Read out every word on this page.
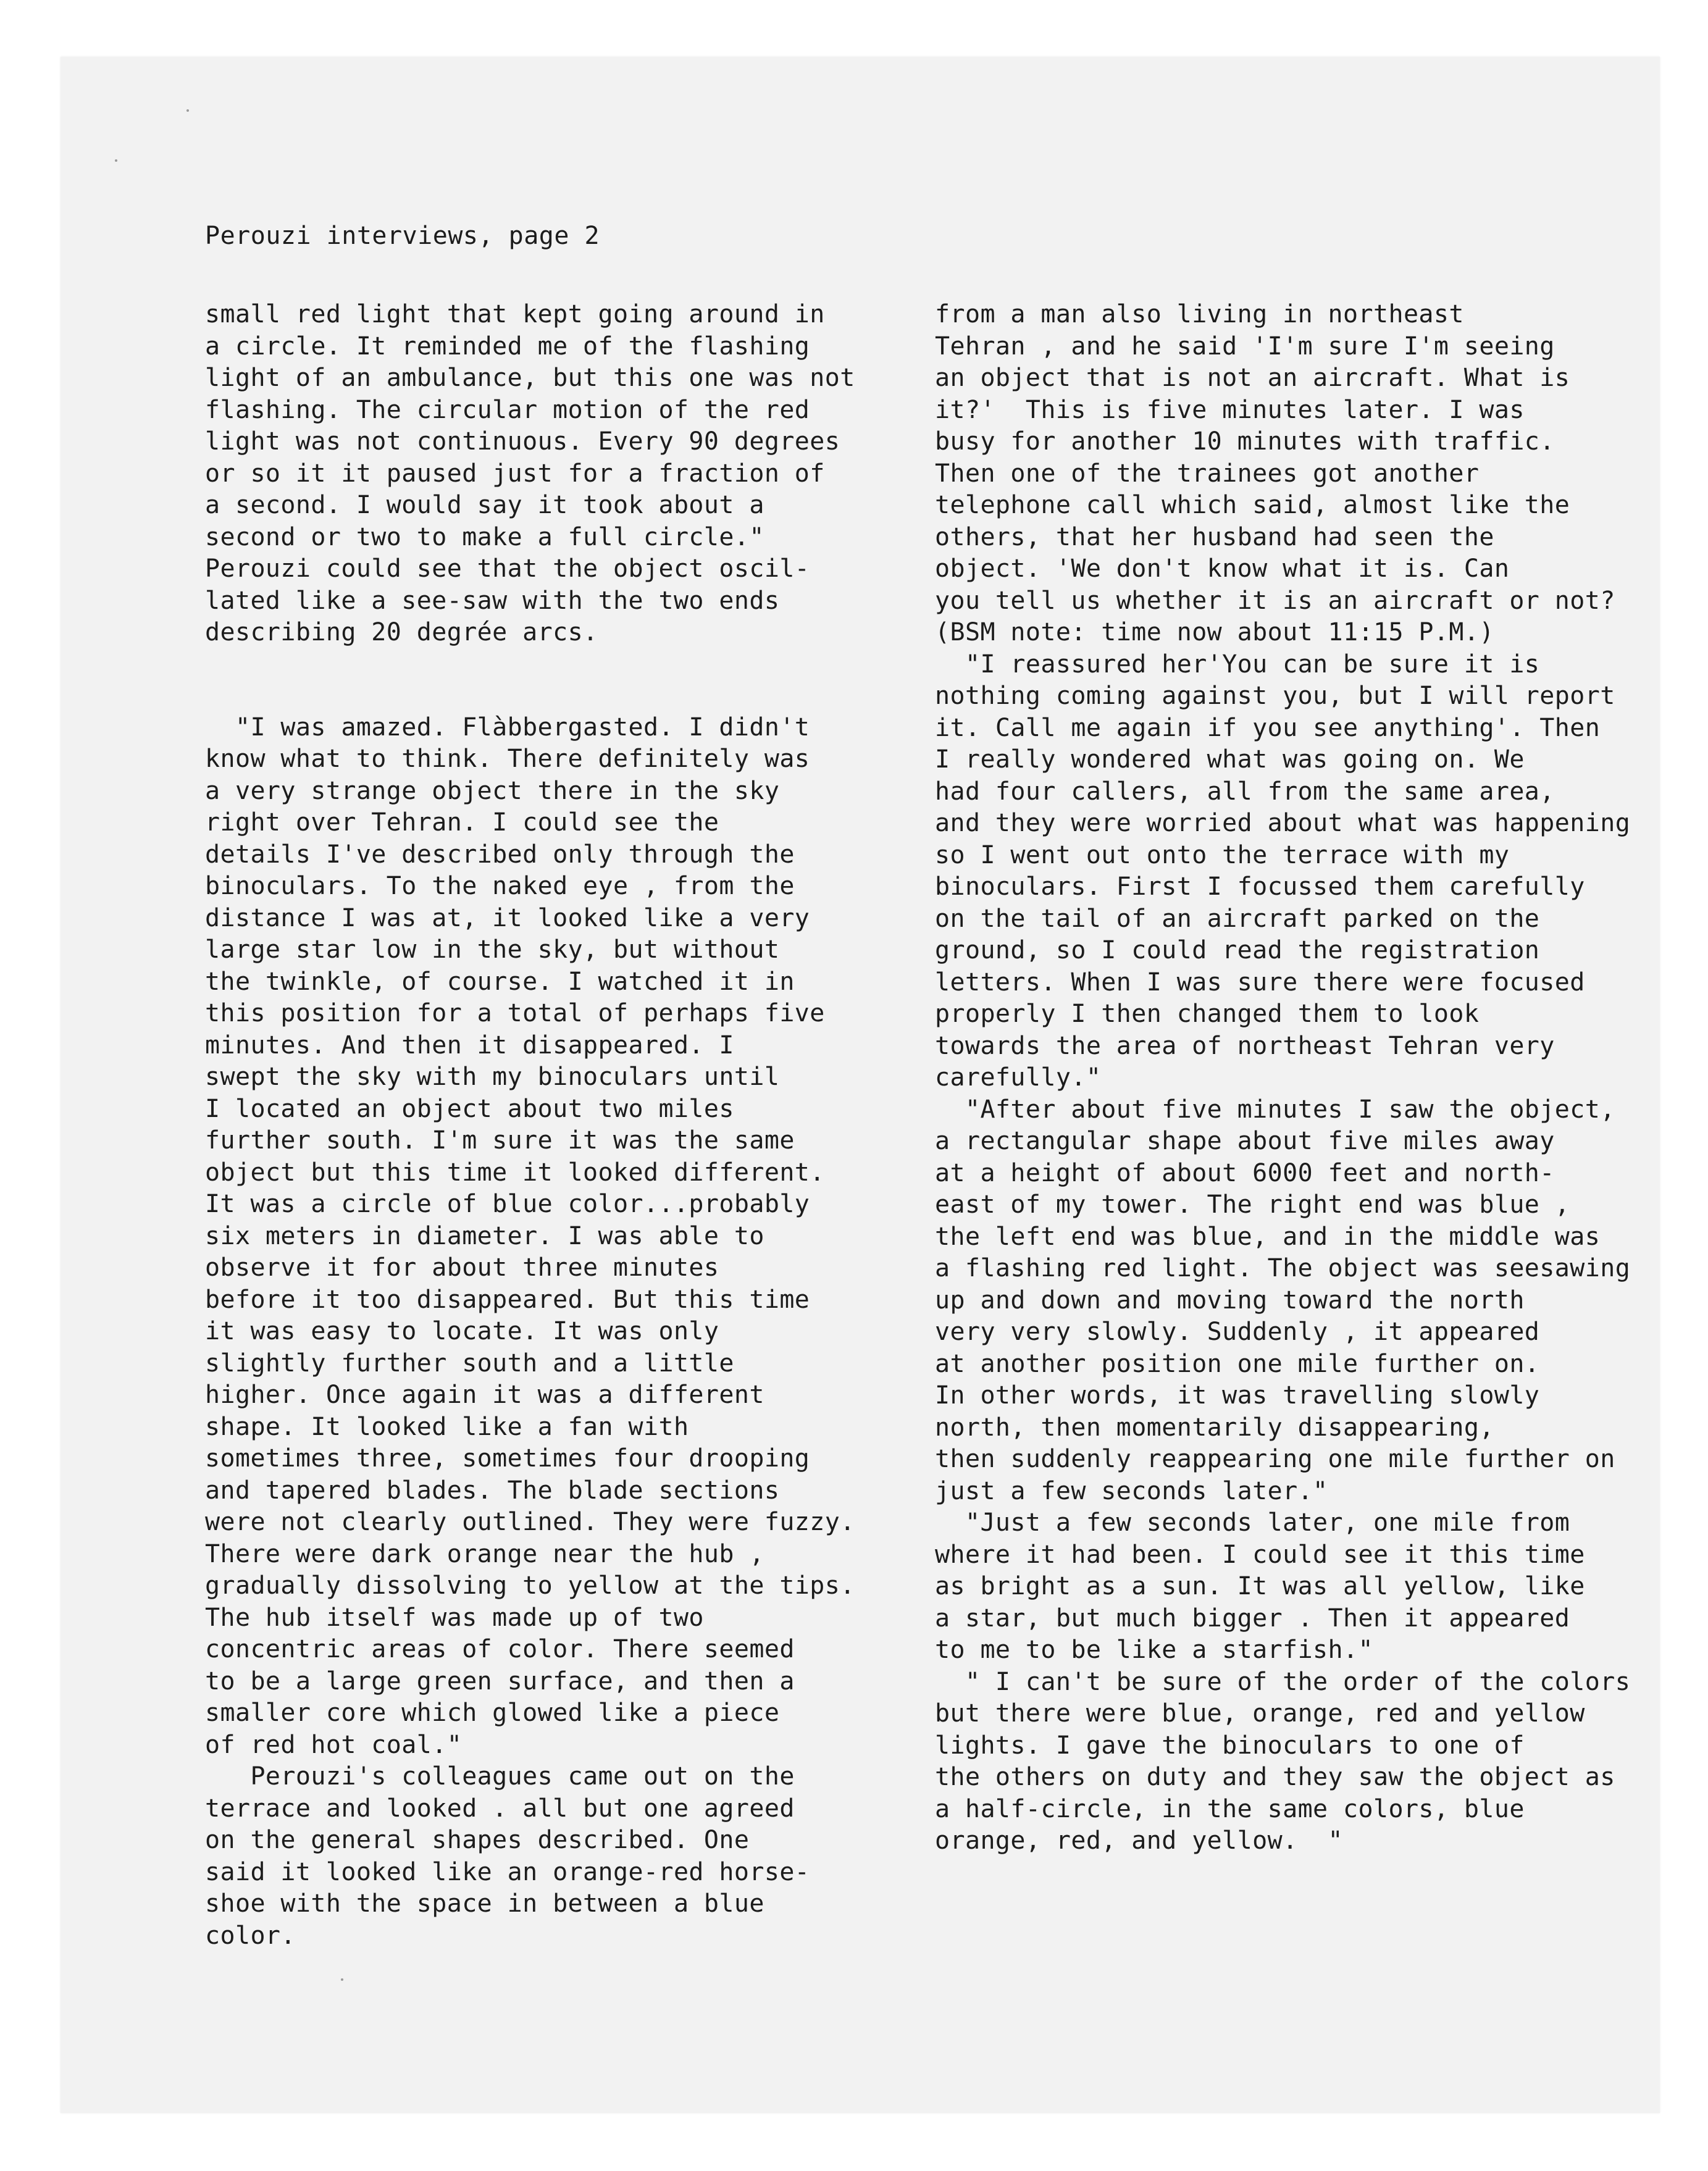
Perouzi interviews, page 2

small red light that kept going around in

a circle. It reminded me of the flashing

light of an ambulance, but this one was not

flashing. The circular motion of the red

light was not continuous. Every 90 degrees

or so it it paused just for a fraction of

a second. I would say it took about a

second or two to make a full circle."

Perouzi could see that the object oscil-

lated like a see-saw with the two ends

describing 20 degrée arcs.

"I was amazed. Flàbbergasted. I didn't

know what to think. There definitely was

a very strange object there in the sky

right over Tehran. I could see the

details I've described only through the

binoculars. To the naked eye , from the

distance I was at, it looked like a very

large star low in the sky, but without

the twinkle, of course. I watched it in

this position for a total of perhaps five

minutes. And then it disappeared. I

swept the sky with my binoculars until

I located an object about two miles

further south. I'm sure it was the same

object but this time it looked different.

It was a circle of blue color...probably

six meters in diameter. I was able to

observe it for about three minutes

before it too disappeared. But this time

it was easy to locate. It was only

slightly further south and a little

higher. Once again it was a different

shape. It looked like a fan with

sometimes three, sometimes four drooping

and tapered blades. The blade sections

were not clearly outlined. They were fuzzy.

There were dark orange near the hub ,

gradually dissolving to yellow at the tips.

The hub itself was made up of two

concentric areas of color. There seemed

to be a large green surface, and then a

smaller core which glowed like a piece

of red hot coal."

Perouzi's colleagues came out on the

terrace and looked . all but one agreed

on the general shapes described. One

said it looked like an orange-red horse-

shoe with the space in between a blue

color.

from a man also living in northeast

Tehran , and he said 'I'm sure I'm seeing

an object that is not an aircraft. What is

it?'  This is five minutes later. I was

busy for another 10 minutes with traffic.

Then one of the trainees got another

telephone call which said, almost like the

others, that her husband had seen the

object. 'We don't know what it is. Can

you tell us whether it is an aircraft or not?

(BSM note: time now about 11:15 P.M.)

"I reassured her'You can be sure it is

nothing coming against you, but I will report

it. Call me again if you see anything'. Then

I really wondered what was going on. We

had four callers, all from the same area,

and they were worried about what was happening

so I went out onto the terrace with my

binoculars. First I focussed them carefully

on the tail of an aircraft parked on the

ground, so I could read the registration

letters. When I was sure there were focused

properly I then changed them to look

towards the area of northeast Tehran very

carefully."

"After about five minutes I saw the object,

a rectangular shape about five miles away

at a height of about 6000 feet and north-

east of my tower. The right end was blue ,

the left end was blue, and in the middle was

a flashing red light. The object was seesawing

up and down and moving toward the north

very very slowly. Suddenly , it appeared

at another position one mile further on.

In other words, it was travelling slowly

north, then momentarily disappearing,

then suddenly reappearing one mile further on

just a few seconds later."

"Just a few seconds later, one mile from

where it had been. I could see it this time

as bright as a sun. It was all yellow, like

a star, but much bigger . Then it appeared

to me to be like a starfish."

" I can't be sure of the order of the colors

but there were blue, orange, red and yellow

lights. I gave the binoculars to one of

the others on duty and they saw the object as

a half-circle, in the same colors, blue

orange, red, and yellow.  "
